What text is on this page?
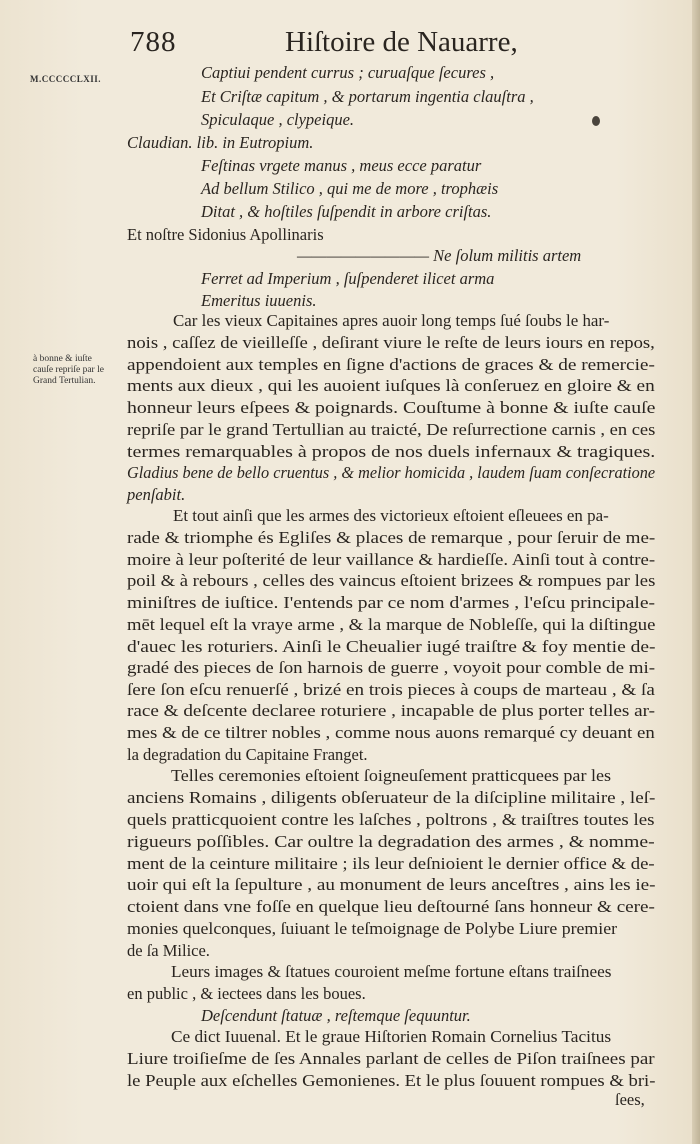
788	Hiſtoire de Nauarre,
M.CCCCCLXII.
à bonne & iuſte
cauſe repriſe par le
Grand Tertulian.
Captiui pendent currus ; curuaſque ſecures ,
Et Criſtæ capitum , & portarum ingentia clauſtra ,
Spiculaque , clypeique.
Claudian. lib. in Eutropium.
Feſtinas vrgete manus , meus ecce paratur
Ad bellum Stilico , qui me de more , trophæis
Ditat , & hoſtiles ſuſpendit in arbore criſtas.
Et noſtre Sidonius Apollinaris
————————— Ne ſolum militis artem
Ferret ad Imperium , ſuſpenderet ilicet arma
Emeritus iuuenis.
Car les vieux Capitaines apres auoir long temps ſué ſoubs le har-
nois , caſſez de vieilleſſe , deſirant viure le reſte de leurs iours en repos,
appendoient aux temples en ſigne d'actions de graces & de remercie-
ments aux dieux , qui les auoient iuſques là conſeruez en gloire & en
honneur leurs eſpees & poignards. Couſtume à bonne & iuſte cauſe
repriſe par le grand Tertullian au traicté, De reſurrectione carnis , en ces
termes remarquables à propos de nos duels infernaux & tragiques.
Gladius bene de bello cruentus , & melior homicida , laudem ſuam conſecratione
penſabit.
Et tout ainſi que les armes des victorieux eſtoient eſleuees en pa-
rade & triomphe és Egliſes & places de remarque , pour ſeruir de me-
moire à leur poſterité de leur vaillance & hardieſſe. Ainſi tout à contre-
poil & à rebours , celles des vaincus eſtoient brizees & rompues par les
miniſtres de iuſtice. I'entends par ce nom d'armes , l'eſcu principale-
mēt lequel eſt la vraye arme , & la marque de Nobleſſe, qui la diſtingue
d'auec les roturiers. Ainſi le Cheualier iugé traiſtre & foy mentie de-
gradé des pieces de ſon harnois de guerre , voyoit pour comble de mi-
ſere ſon eſcu renuerſé , brizé en trois pieces à coups de marteau , & ſa
race & deſcente declaree roturiere , incapable de plus porter telles ar-
mes & de ce tiltrer nobles , comme nous auons remarqué cy deuant en
la degradation du Capitaine Franget.
Telles ceremonies eſtoient ſoigneuſement pratticquees par les
anciens Romains , diligents obſeruateur de la diſcipline militaire , leſ-
quels pratticquoient contre les laſches , poltrons , & traiſtres toutes les
rigueurs poſſibles. Car oultre la degradation des armes , & nomme-
ment de la ceinture militaire ; ils leur deſnioient le dernier office & de-
uoir qui eſt la ſepulture , au monument de leurs anceſtres , ains les ie-
ctoient dans vne foſſe en quelque lieu deſtourné ſans honneur & cere-
monies quelconques, ſuiuant le teſmoignage de Polybe Liure premier
de ſa Milice.
Leurs images & ſtatues couroient meſme fortune eſtans traiſnees
en public , & iectees dans les boues.
Deſcendunt ſtatuæ , reſtemque ſequuntur.
Ce dict Iuuenal. Et le graue Hiſtorien Romain Cornelius Tacitus
Liure troiſieſme de ſes Annales parlant de celles de Piſon traiſnees par
le Peuple aux eſchelles Gemonienes. Et le plus ſouuent rompues & bri-
ſees,
